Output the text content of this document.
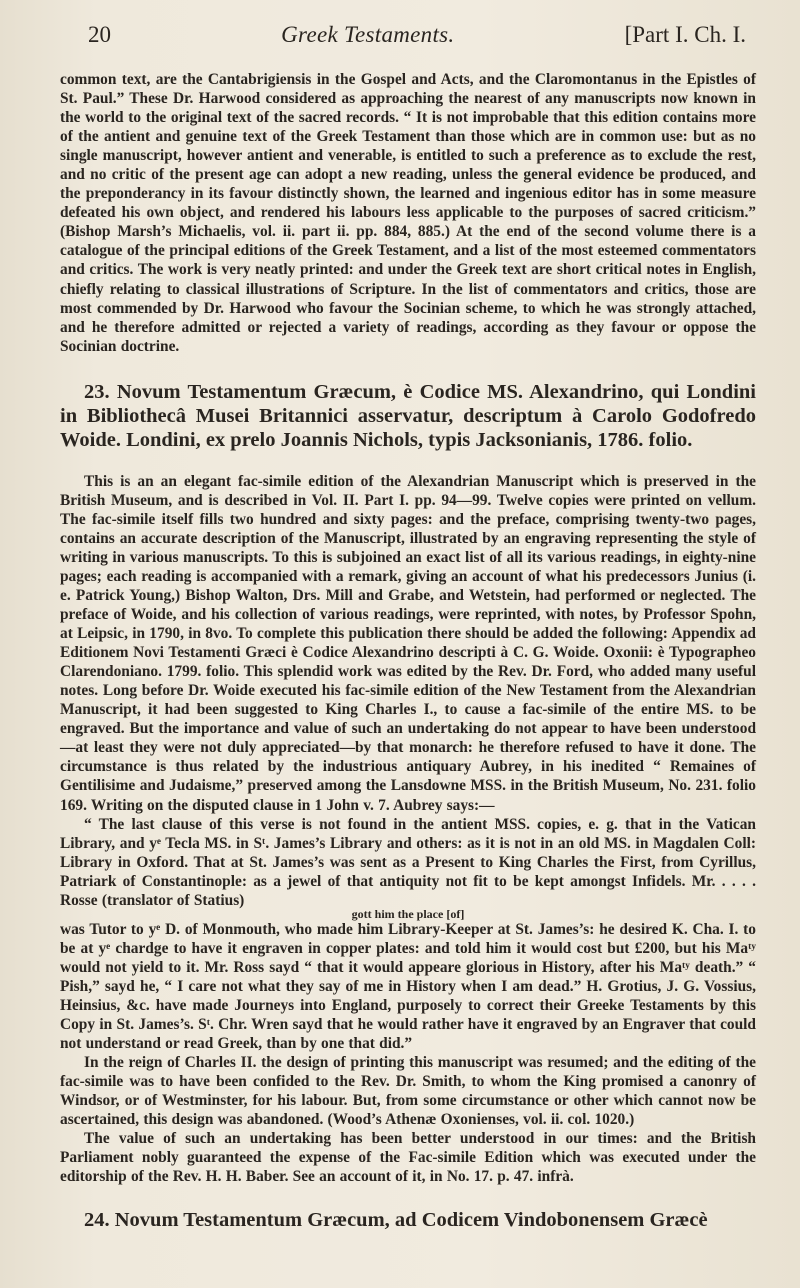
20	Greek Testaments.	[Part I. Ch. I.

common text, are the Cantabrigiensis in the Gospel and Acts, and the Claromontanus in the Epistles of St. Paul.” These Dr. Harwood considered as approaching the nearest of any manuscripts now known in the world to the original text of the sacred records. “ It is not improbable that this edition contains more of the antient and genuine text of the Greek Testament than those which are in common use: but as no single manuscript, however antient and venerable, is entitled to such a preference as to exclude the rest, and no critic of the present age can adopt a new reading, unless the general evidence be produced, and the preponderancy in its favour distinctly shown, the learned and ingenious editor has in some measure defeated his own object, and rendered his labours less applicable to the purposes of sacred criticism.” (Bishop Marsh’s Michaelis, vol. ii. part ii. pp. 884, 885.) At the end of the second volume there is a catalogue of the principal editions of the Greek Testament, and a list of the most esteemed commentators and critics. The work is very neatly printed: and under the Greek text are short critical notes in English, chiefly relating to classical illustrations of Scripture. In the list of commentators and critics, those are most commended by Dr. Harwood who favour the Socinian scheme, to which he was strongly attached, and he therefore admitted or rejected a variety of readings, according as they favour or oppose the Socinian doctrine.

23. Novum Testamentum Græcum, è Codice MS. Alexandrino, qui Londini in Bibliothecâ Musei Britannici asservatur, descriptum à Carolo Godofredo Woide. Londini, ex prelo Joannis Nichols, typis Jacksonianis, 1786. folio.

This is an an elegant fac-simile edition of the Alexandrian Manuscript which is preserved in the British Museum, and is described in Vol. II. Part I. pp. 94—99. Twelve copies were printed on vellum. The fac-simile itself fills two hundred and sixty pages: and the preface, comprising twenty-two pages, contains an accurate description of the Manuscript, illustrated by an engraving representing the style of writing in various manuscripts. To this is subjoined an exact list of all its various readings, in eighty-nine pages; each reading is accompanied with a remark, giving an account of what his predecessors Junius (i. e. Patrick Young,) Bishop Walton, Drs. Mill and Grabe, and Wetstein, had performed or neglected. The preface of Woide, and his collection of various readings, were reprinted, with notes, by Professor Spohn, at Leipsic, in 1790, in 8vo. To complete this publication there should be added the following: Appendix ad Editionem Novi Testamenti Græci è Codice Alexandrino descripti à C. G. Woide. Oxonii: è Typographeo Clarendoniano. 1799. folio. This splendid work was edited by the Rev. Dr. Ford, who added many useful notes. Long before Dr. Woide executed his fac-simile edition of the New Testament from the Alexandrian Manuscript, it had been suggested to King Charles I., to cause a fac-simile of the entire MS. to be engraved. But the importance and value of such an undertaking do not appear to have been understood—at least they were not duly appreciated—by that monarch: he therefore refused to have it done. The circumstance is thus related by the industrious antiquary Aubrey, in his inedited “ Remaines of Gentilisime and Judaisme,” preserved among the Lansdowne MSS. in the British Museum, No. 231. folio 169. Writing on the disputed clause in 1 John v. 7. Aubrey says:—

“ The last clause of this verse is not found in the antient MSS. copies, e. g. that in the Vatican Library, and yᵉ Tecla MS. in Sᵗ. James’s Library and others: as it is not in an old MS. in Magdalen Coll: Library in Oxford. That at St. James’s was sent as a Present to King Charles the First, from Cyrillus, Patriark of Constantinople: as a jewel of that antiquity not fit to be kept amongst Infidels. Mr. . . . . Rosse (translator of Statius)

gott him the place [of]

was Tutor to yᵉ D. of Monmouth, who made him Library-Keeper at St. James’s: he desired K. Cha. I. to be at yᵉ chardge to have it engraven in copper plates: and told him it would cost but £200, but his Maᵗʸ would not yield to it. Mr. Ross sayd “ that it would appeare glorious in History, after his Maᵗʸ death.” “ Pish,” sayd he, “ I care not what they say of me in History when I am dead.” H. Grotius, J. G. Vossius, Heinsius, &c. have made Journeys into England, purposely to correct their Greeke Testaments by this Copy in St. James’s. Sᵗ. Chr. Wren sayd that he would rather have it engraved by an Engraver that could not understand or read Greek, than by one that did.”

In the reign of Charles II. the design of printing this manuscript was resumed; and the editing of the fac-simile was to have been confided to the Rev. Dr. Smith, to whom the King promised a canonry of Windsor, or of Westminster, for his labour. But, from some circumstance or other which cannot now be ascertained, this design was abandoned. (Wood’s Athenæ Oxonienses, vol. ii. col. 1020.)

The value of such an undertaking has been better understood in our times: and the British Parliament nobly guaranteed the expense of the Fac-simile Edition which was executed under the editorship of the Rev. H. H. Baber. See an account of it, in No. 17. p. 47. infrà.

24. Novum Testamentum Græcum, ad Codicem Vindobonensem Græcè
